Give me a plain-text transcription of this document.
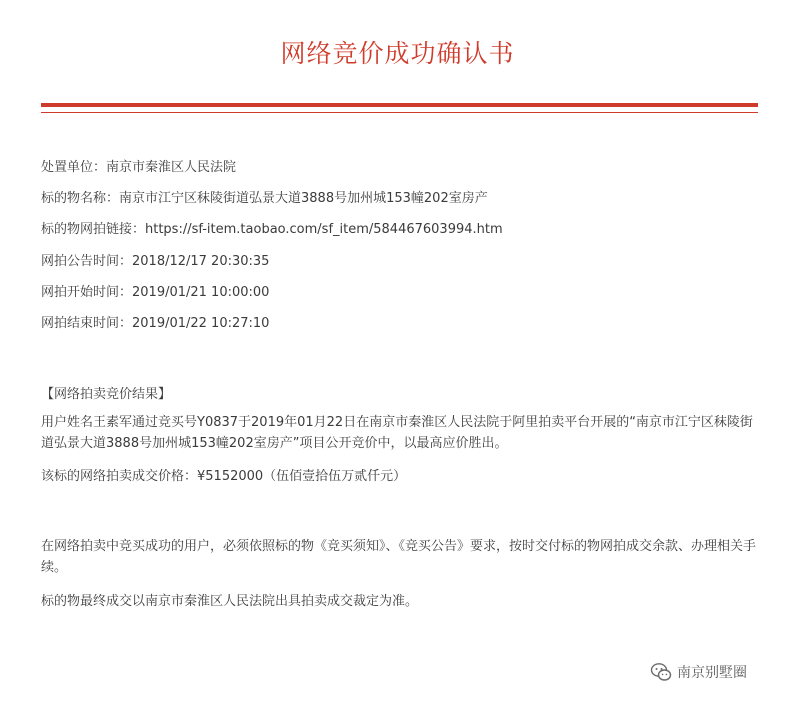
网络竞价成功确认书
处置单位：南京市秦淮区人民法院
标的物名称：南京市江宁区秣陵街道弘景大道3888号加州城153幢202室房产
标的物网拍链接：https://sf-item.taobao.com/sf_item/584467603994.htm
网拍公告时间：2018/12/17 20:30:35
网拍开始时间：2019/01/21 10:00:00
网拍结束时间：2019/01/22 10:27:10
【网络拍卖竞价结果】
用户姓名王素军通过竞买号Y0837于2019年01月22日在南京市秦淮区人民法院于阿里拍卖平台开展的“南京市江宁区秣陵街道弘景大道3888号加州城153幢202室房产”项目公开竞价中，以最高应价胜出。
该标的网络拍卖成交价格：¥5152000（伍佰壹拾伍万贰仟元）
在网络拍卖中竞买成功的用户，必须依照标的物《竞买须知》、《竞买公告》要求，按时交付标的物网拍成交余款、办理相关手续。
标的物最终成交以南京市秦淮区人民法院出具拍卖成交裁定为准。
南京别墅圈
